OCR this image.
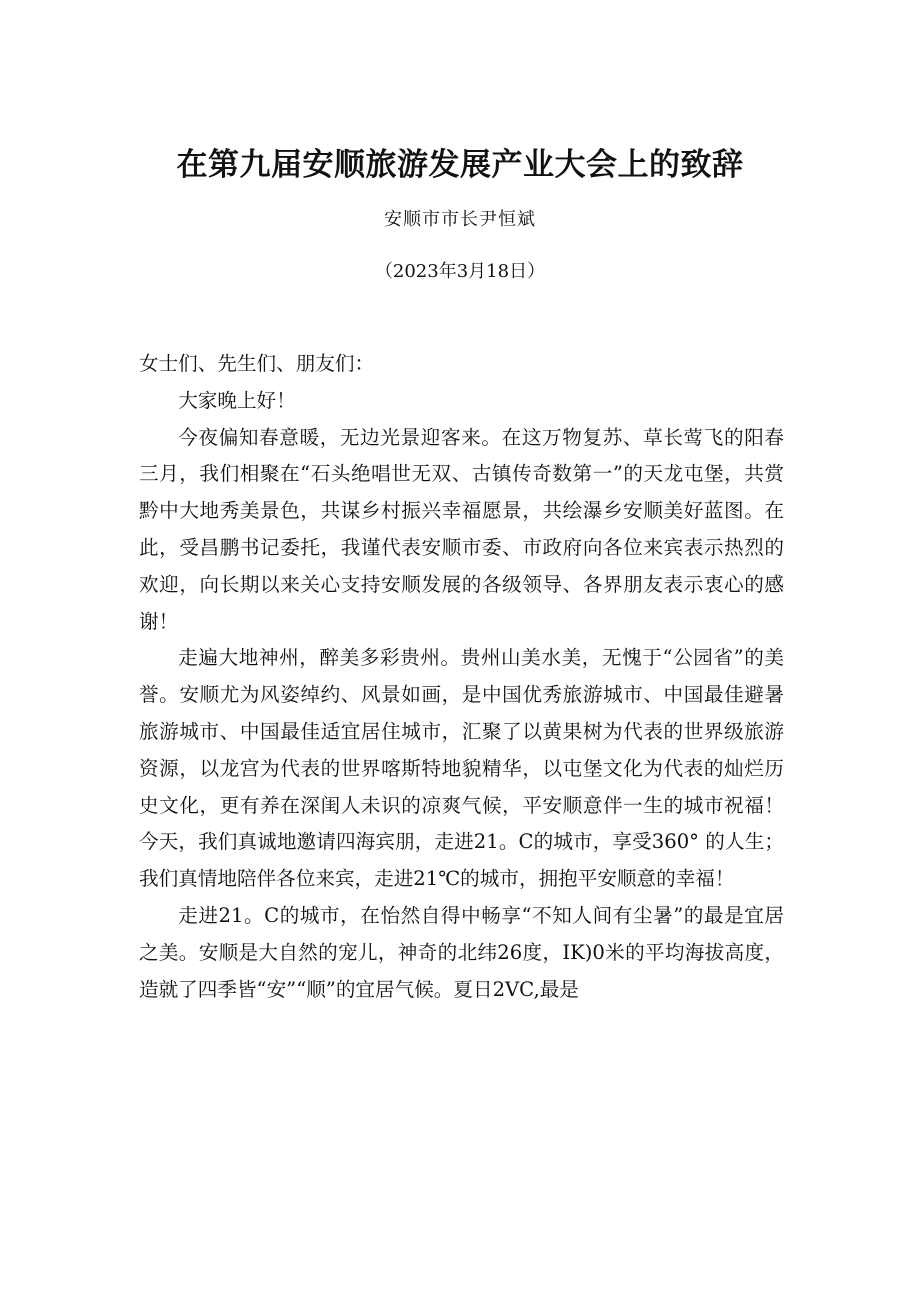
在第九届安顺旅游发展产业大会上的致辞
安顺市市长尹恒斌
（2023年3月18日）

女士们、先生们、朋友们：

大家晚上好！

今夜偏知春意暖，无边光景迎客来。在这万物复苏、草长莺飞的阳春三月，我们相聚在“石头绝唱世无双、古镇传奇数第一”的天龙屯堡，共赏黔中大地秀美景色，共谋乡村振兴幸福愿景，共绘瀑乡安顺美好蓝图。在此，受昌鹏书记委托，我谨代表安顺市委、市政府向各位来宾表示热烈的欢迎，向长期以来关心支持安顺发展的各级领导、各界朋友表示衷心的感谢！

走遍大地神州，醉美多彩贵州。贵州山美水美，无愧于“公园省”的美誉。安顺尤为风姿绰约、风景如画，是中国优秀旅游城市、中国最佳避暑旅游城市、中国最佳适宜居住城市，汇聚了以黄果树为代表的世界级旅游资源，以龙宫为代表的世界喀斯特地貌精华，以屯堡文化为代表的灿烂历史文化，更有养在深闺人未识的凉爽气候，平安顺意伴一生的城市祝福！今天，我们真诚地邀请四海宾朋，走进21。C的城市，享受360° 的人生；我们真情地陪伴各位来宾，走进21℃的城市，拥抱平安顺意的幸福！

走进21。C的城市，在怡然自得中畅享“不知人间有尘暑”的最是宜居之美。安顺是大自然的宠儿，神奇的北纬26度，IK)0米的平均海拔高度，造就了四季皆“安”“顺”的宜居气候。夏日2VC,最是
